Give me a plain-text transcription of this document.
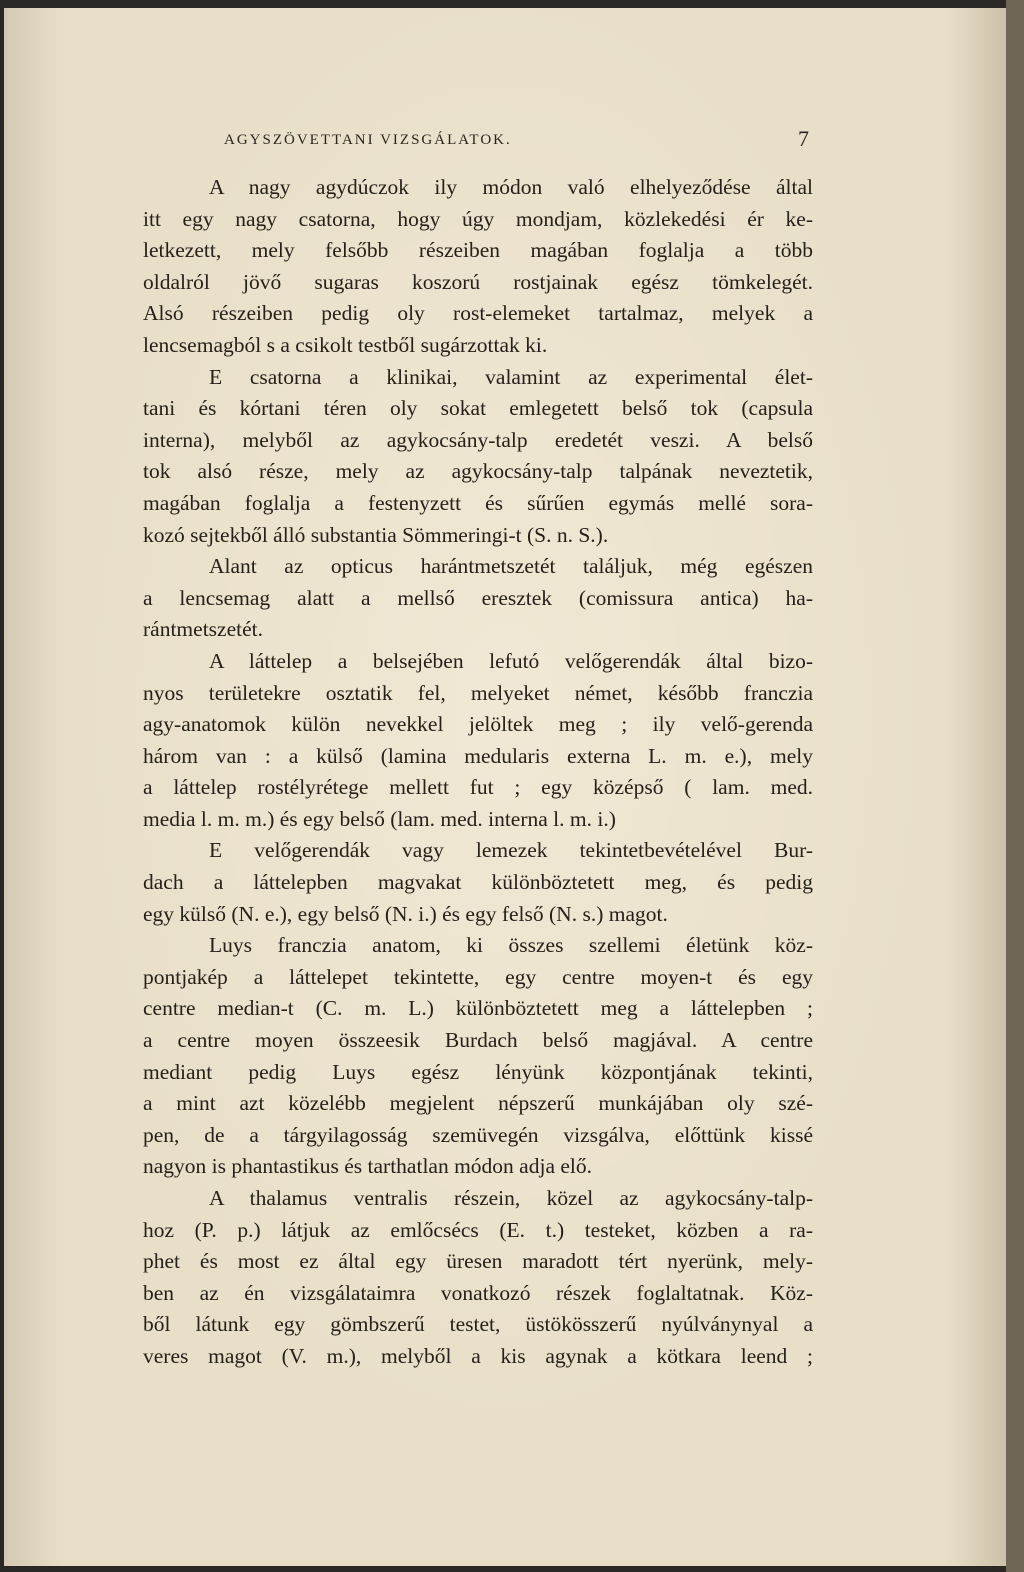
AGYSZÖVETTANI VIZSGÁLATOK.	7
A nagy agydúczok ily módon való elhelyeződése által
itt egy nagy csatorna, hogy úgy mondjam, közlekedési ér ke-
letkezett, mely felsőbb részeiben magában foglalja a több
oldalról jövő sugaras koszorú rostjainak egész tömkelegét.
Alsó részeiben pedig oly rost-elemeket tartalmaz, melyek a
lencsemagból s a csikolt testből sugárzottak ki.
E csatorna a klinikai, valamint az experimental élet-
tani és kórtani téren oly sokat emlegetett belső tok (capsula
interna), melyből az agykocsány-talp eredetét veszi. A belső
tok alsó része, mely az agykocsány-talp talpának neveztetik,
magában foglalja a festenyzett és sűrűen egymás mellé sora-
kozó sejtekből álló substantia Sömmeringi-t (S. n. S.).
Alant az opticus harántmetszetét találjuk, még egészen
a lencsemag alatt a mellső eresztek (comissura antica) ha-
rántmetszetét.
A láttelep a belsejében lefutó velőgerendák által bizo-
nyos területekre osztatik fel, melyeket német, később franczia
agy-anatomok külön nevekkel jelöltek meg ; ily velő-gerenda
három van : a külső (lamina medularis externa L. m. e.), mely
a láttelep rostélyrétege mellett fut ; egy középső ( lam. med.
media l. m. m.) és egy belső (lam. med. interna l. m. i.)
E velőgerendák vagy lemezek tekintetbevételével Bur-
dach a láttelepben magvakat különböztetett meg, és pedig
egy külső (N. e.), egy belső (N. i.) és egy felső (N. s.) magot.
Luys franczia anatom, ki összes szellemi életünk köz-
pontjakép a láttelepet tekintette, egy centre moyen-t és egy
centre median-t (C. m. L.) különböztetett meg a láttelepben ;
a centre moyen összeesik Burdach belső magjával. A centre
mediant pedig Luys egész lényünk központjának tekinti,
a mint azt közelébb megjelent népszerű munkájában oly szé-
pen, de a tárgyilagosság szemüvegén vizsgálva, előttünk kissé
nagyon is phantastikus és tarthatlan módon adja elő.
A thalamus ventralis részein, közel az agykocsány-talp-
hoz (P. p.) látjuk az emlőcsécs (E. t.) testeket, közben a ra-
phet és most ez által egy üresen maradott tért nyerünk, mely-
ben az én vizsgálataimra vonatkozó részek foglaltatnak. Köz-
ből látunk egy gömbszerű testet, üstökösszerű nyúlványnyal a
veres magot (V. m.), melyből a kis agynak a kötkara leend ;
